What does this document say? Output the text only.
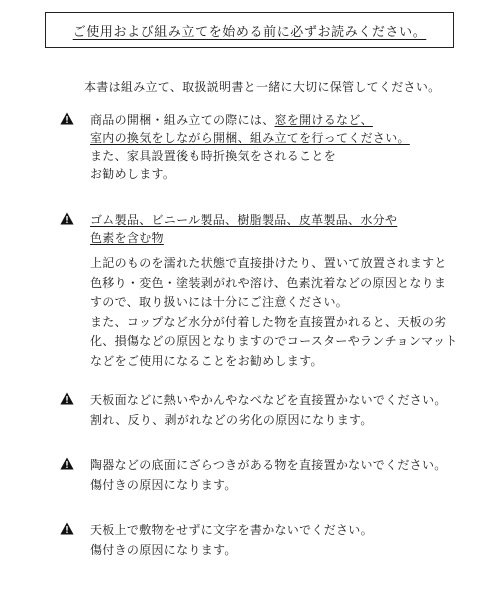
ご使用および組み立てを始める前に必ずお読みください。
本書は組み立て、取扱説明書と一緒に大切に保管してください。
商品の開梱・組み立ての際には、窓を開けるなど、
室内の換気をしながら開梱、組み立てを行ってください。
また、家具設置後も時折換気をされることを
お勧めします。
ゴム製品、ビニール製品、樹脂製品、皮革製品、水分や
色素を含む物
上記のものを濡れた状態で直接掛けたり、置いて放置されますと
色移り・変色・塗装剥がれや溶け、色素沈着などの原因となりま
すので、取り扱いには十分にご注意ください。
また、コップなど水分が付着した物を直接置かれると、天板の劣
化、損傷などの原因となりますのでコースターやランチョンマット
などをご使用になることをお勧めします。
天板面などに熱いやかんやなべなどを直接置かないでください。
割れ、反り、剥がれなどの劣化の原因になります。
陶器などの底面にざらつきがある物を直接置かないでください。
傷付きの原因になります。
天板上で敷物をせずに文字を書かないでください。
傷付きの原因になります。
